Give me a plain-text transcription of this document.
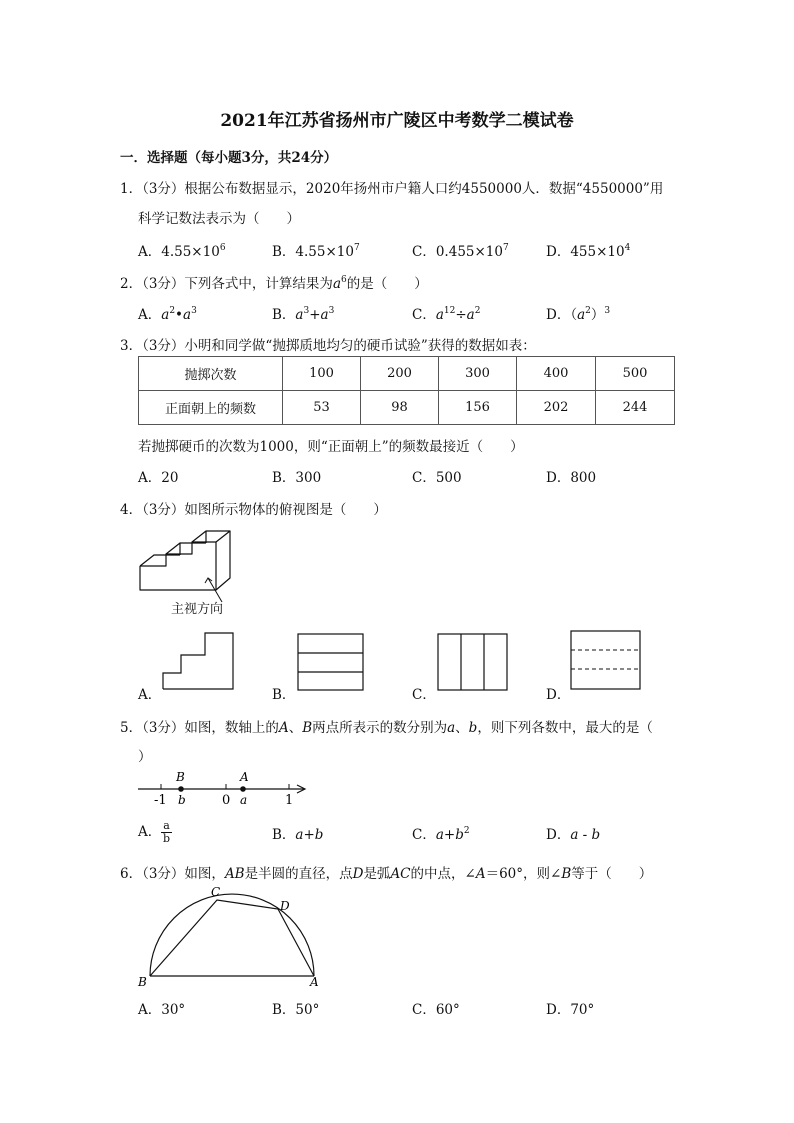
2021年江苏省扬州市广陵区中考数学二模试卷
一．选择题（每小题3分，共24分）
1．（3分）根据公布数据显示，2020年扬州市户籍人口约4550000人．数据“4550000”用
科学记数法表示为（　　）
A．$4.55\times 10^6$	B．$4.55\times 10^7$	C．$0.455\times 10^7$	D．$455\times 10^4$
2．（3分）下列各式中，计算结果为$a^6$的是（　　）
A．$a^2•a^3$	B．$a^3+a^3$	C．$a^{12}\div a^2$	D．$(a^2)^3$
3．（3分）小明和同学做“抛掷质地均匀的硬币试验”获得的数据如表：
抛掷次数	100	200	300	400	500
正面朝上的频数	53	98	156	202	244
若抛掷硬币的次数为1000，则“正面朝上”的频数最接近（　　）
A．20	B．300	C．500	D．800
4．（3分）如图所示物体的俯视图是（　　）
主视方向
A．	B．	C．	D．
5．（3分）如图，数轴上的A、B两点所表示的数分别为a、b，则下列各数中，最大的是（
）
B	A
-1 b	0 a	1
A． $\frac{a}{b}$	B．a+b	C．$a+b^2$	D．a - b
6．（3分）如图，AB是半圆的直径，点D是弧AC的中点，∠A＝60°，则∠B等于（　　）
C
D
B	A
A．30°	B．50°	C．60°	D．70°
